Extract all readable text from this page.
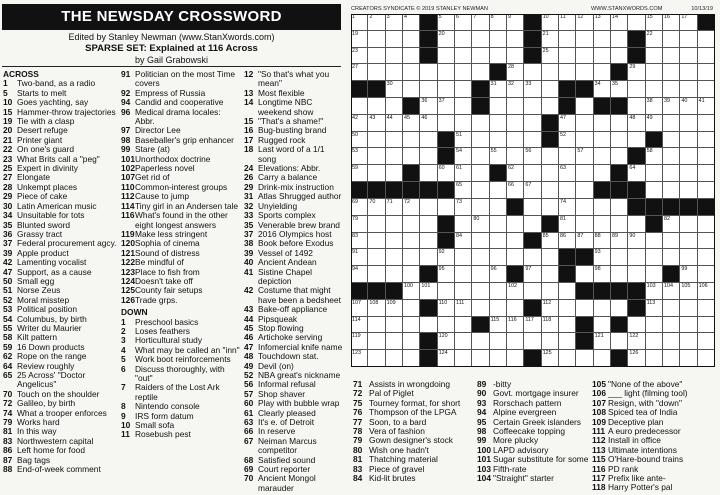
THE NEWSDAY CROSSWORD
Edited by Stanley Newman (www.StanXwords.com)
SPARSE SET: Explained at 116 Across
by Gail Grabowski
ACROSS
1	Two-band, as a radio
5	Starts to melt
10 Goes yachting, say
15 Hammer-throw trajectories
19 Tie with a clasp
20 Desert refuge
21 Printer giant
22 On one's guard
23 What Brits call a "peg"
25 Expert in divinity
27 Elongate
28 Unkempt places
29 Piece of cake
30 Latin American music
34 Unsuitable for tots
35 Blunted sword
36 Grassy tract
37 Federal procurement agcy.
39 Apple product
42 Lamenting vocalist
47 Support, as a cause
50 Small egg
51 Norse Zeus
52 Moral misstep
53 Political position
54 Columbus, by birth
55 Writer du Maurier
58 Kilt pattern
59 16 Down products
62 Rope on the range
64 Review roughly
65 25 Across' "Doctor Angelicus"
70 Touch on the shoulder
72 Galileo, by birth
74 What a trooper enforces
79 Works hard
81 In this way
83 Northwestern capital
86 Left home for food
87 Bag tags
88 End-of-week comment
91 Politician on the most Time covers
92 Empress of Russia
94 Candid and cooperative
96 Medical drama locales: Abbr.
97 Director Lee
98 Baseballer's grip enhancer
99 Stare (at)
101 Unorthodox doctrine
102 Paperless novel
107 Get rid of
110 Common-interest groups
112 Cause to jump
114 Tiny girl in an Andersen tale
116 What's found in the other eight longest answers
119 Make less stringent
120 Sophia of cinema
121 Sound of distress
122 Be mindful of
123 Place to fish from
124 Doesn't take off
125 County fair setups
126 Trade grps.
DOWN
1	Preschool basics
2	Loses feathers
3	Horticultural study
4	What may be called an "inn"
5	Work boot reinforcements
6	Discuss thoroughly, with "out"
7	Raiders of the Lost Ark reptile
8	Nintendo console
9	IRS form datum
10 Small sofa
11 Rosebush pest
12 "So that's what you mean"
13 Most flexible
14 Longtime NBC weekend show
15 "That's a shame!"
16 Bug-busting brand
17 Rugged rock
18 Last word of a 1/1 song
24 Elevations: Abbr.
26 Carry a balance
29 Drink-mix instruction
31 Atlas Shrugged author
32 Unyielding
33 Sports complex
35 Venerable brew brand
37 2016 Olympics host
38 Book before Exodus
39 Vessel of 1492
40 Ancient Andean
41 Sistine Chapel depiction
42 Costume that might have been a bedsheet
43 Bake-off appliance
44 Pipsqueak
45 Stop flowing
46 Artichoke serving
47 Infomercial knife name
48 Touchdown stat.
49 Devil (on)
52 NBA great's nickname
56 Informal refusal
57 Shop shaver
60 Play with bubble wrap
61 Clearly pleased
63 It's e. of Detroit
66 In reserve
67 Neiman Marcus competitor
68 Satisfied sound
69 Court reporter
70 Ancient Mongol marauder
CREATORS SYNDICATE © 2019 STANLEY NEWMAN	WWW.STANXWORDS.COM	10/13/19
1	2	3	4	5	6	7	8	9	10 11 12 13 14	15 16 17
19	20	21	22
23	25
27	28	29
30	31 32 33	34 35
36 37	38 39 40 41
42 43 44 45 46	47	48 49
50	51	52
53	54	55	56	57	58
59	60 61	62	63	64
65	66 67
69 70 71 72	73	74
79	80	81	82
83	84	85 86 87 88 89 90
91	92	93
94	95	96	97	98	99
100 101	102	103 104 105 106
107 108 109	110 111	112	113
114	115 116 117 118
119	120	121	122
123	124	125	126
71 Assists in wrongdoing
72 Pal of Piglet
75 Tourney format, for short
76 Thompson of the LPGA
77 Soon, to a bard
78 Vera of fashion
79 Gown designer's stock
80 Wish one hadn't
81 Thatching material
83 Piece of gravel
84 Kid-lit brutes
89 -bitty
90 Govt. mortgage insurer
93 Rorschach pattern
94 Alpine evergreen
95 Certain Greek islanders
98 Coffeecake topping
99 More plucky
100 LAPD advisory
101 Sugar substitute for some
103 Fifth-rate
104 "Straight" starter
105 "None of the above"
106 ___ light (filming tool)
107 Resign, with "down"
108 Spiced tea of India
109 Deceptive plan
111 A euro predecessor
112 Install in office
113 Ultimate intentions
115 O'Hare-bound trains
116 PD rank
117 Prefix like ante-
118 Harry Potter's pal
